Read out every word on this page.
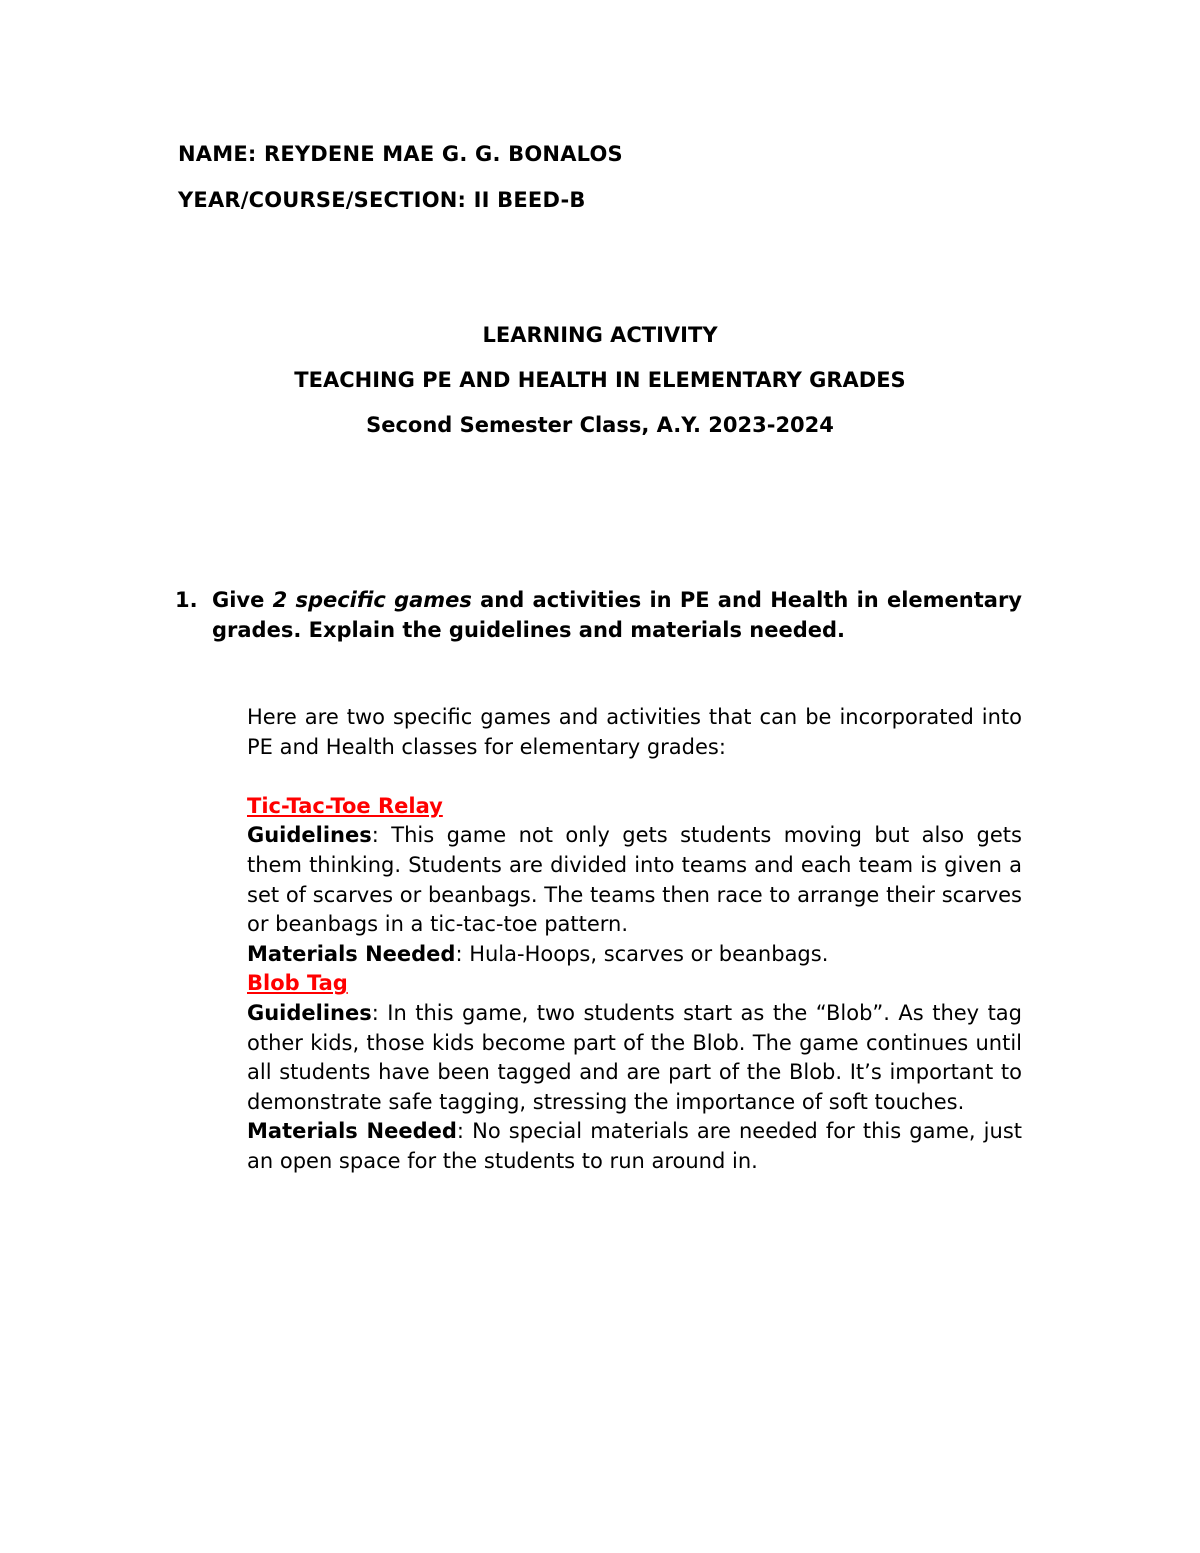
NAME: REYDENE MAE G. G. BONALOS
YEAR/COURSE/SECTION: II BEED-B
LEARNING ACTIVITY
TEACHING PE AND HEALTH IN ELEMENTARY GRADES
Second Semester Class, A.Y. 2023-2024
1. Give 2 specific games and activities in PE and Health in elementary grades. Explain the guidelines and materials needed.

Here are two specific games and activities that can be incorporated into PE and Health classes for elementary grades:

Tic-Tac-Toe Relay

Guidelines: This game not only gets students moving but also gets them thinking. Students are divided into teams and each team is given a set of scarves or beanbags. The teams then race to arrange their scarves or beanbags in a tic-tac-toe pattern.

Materials Needed: Hula-Hoops, scarves or beanbags.

Blob Tag

Guidelines: In this game, two students start as the “Blob”. As they tag other kids, those kids become part of the Blob. The game continues until all students have been tagged and are part of the Blob. It’s important to demonstrate safe tagging, stressing the importance of soft touches.

Materials Needed: No special materials are needed for this game, just an open space for the students to run around in.
